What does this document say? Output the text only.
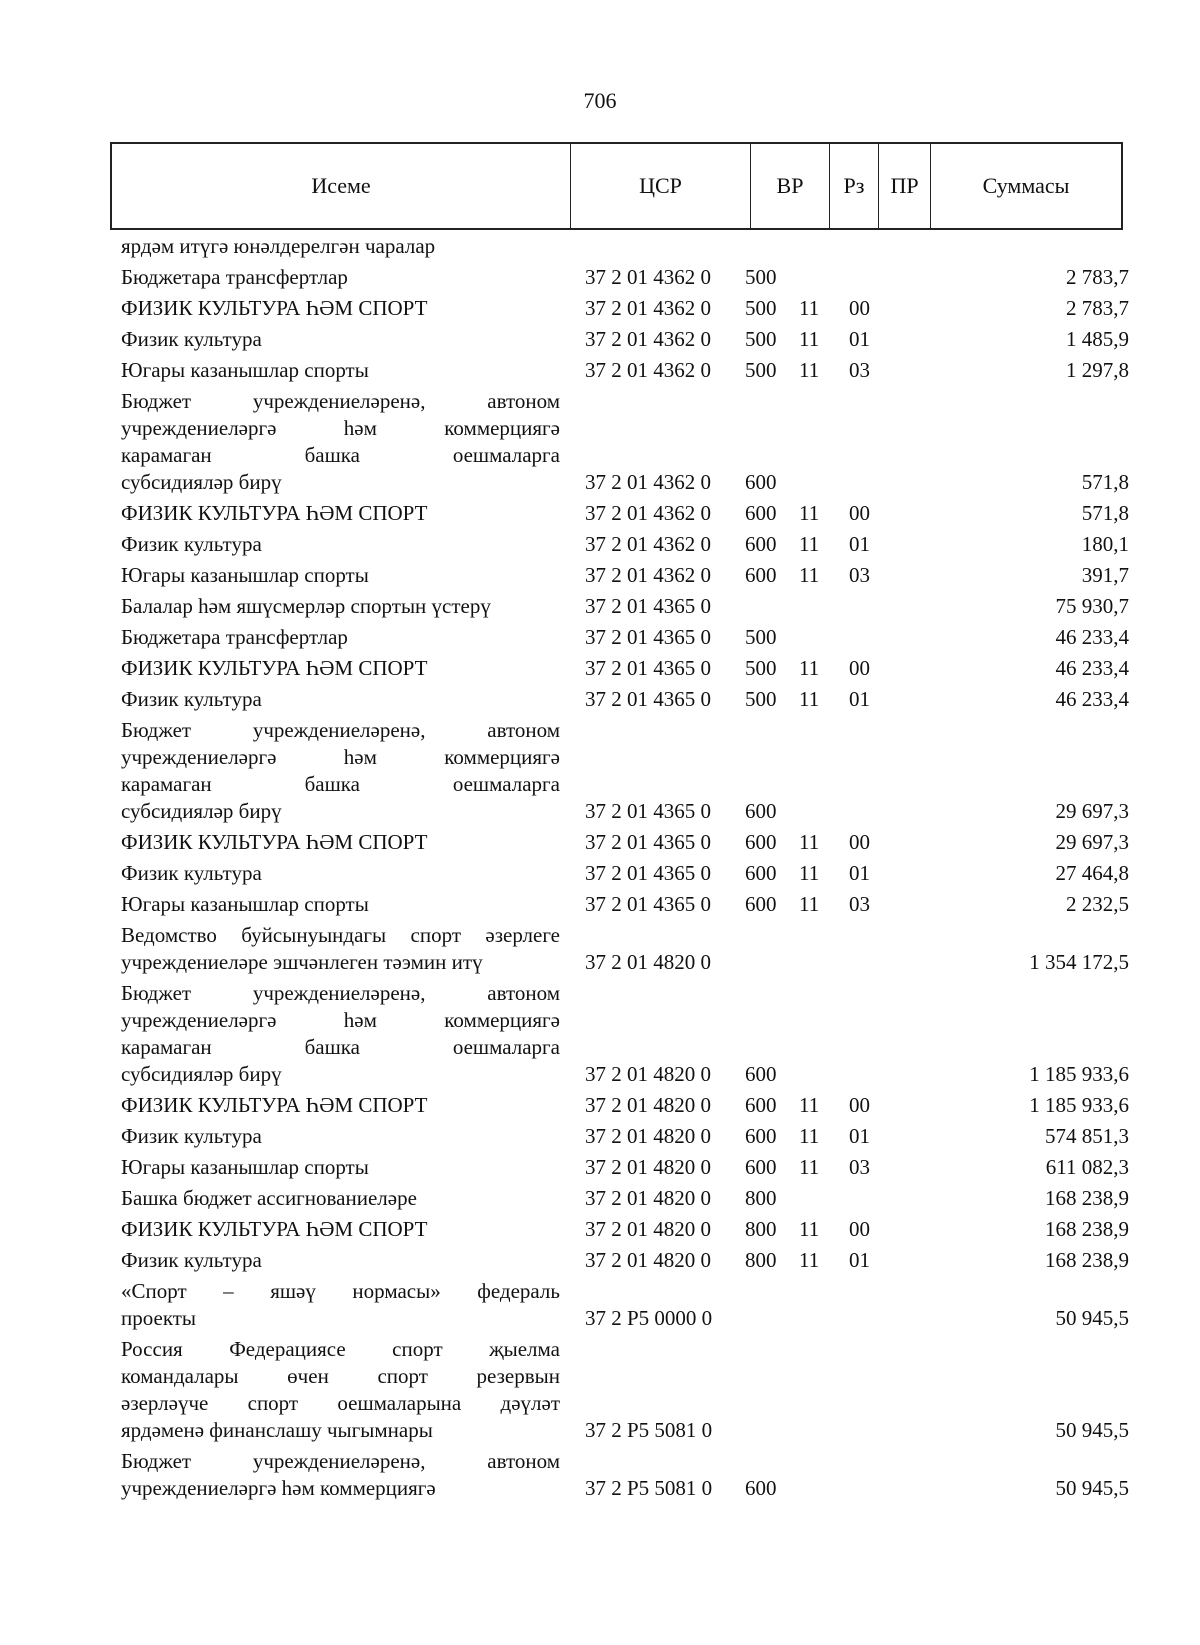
706
Исеме	ЦСР	ВР	Рз	ПР	Суммасы
ярдәм итүгә юнәлдерелгән чаралар
Бюджетара трансфертлар	37 2 01 4362 0	500	2 783,7
ФИЗИК КУЛЬТУРА ҺӘМ СПОРТ	37 2 01 4362 0	500	11	00	2 783,7
Физик культура	37 2 01 4362 0	500	11	01	1 485,9
Югары казанышлар спорты	37 2 01 4362 0	500	11	03	1 297,8
Бюджет учреждениеләренә, автоном
учреждениеләргә һәм коммерциягә
карамаган башка оешмаларга
субсидияләр бирү	37 2 01 4362 0	600	571,8
ФИЗИК КУЛЬТУРА ҺӘМ СПОРТ	37 2 01 4362 0	600	11	00	571,8
Физик культура	37 2 01 4362 0	600	11	01	180,1
Югары казанышлар спорты	37 2 01 4362 0	600	11	03	391,7
Балалар һәм яшүсмерләр спортын үстерү	37 2 01 4365 0	75 930,7
Бюджетара трансфертлар	37 2 01 4365 0	500	46 233,4
ФИЗИК КУЛЬТУРА ҺӘМ СПОРТ	37 2 01 4365 0	500	11	00	46 233,4
Физик культура	37 2 01 4365 0	500	11	01	46 233,4
Бюджет учреждениеләренә, автоном
учреждениеләргә һәм коммерциягә
карамаган башка оешмаларга
субсидияләр бирү	37 2 01 4365 0	600	29 697,3
ФИЗИК КУЛЬТУРА ҺӘМ СПОРТ	37 2 01 4365 0	600	11	00	29 697,3
Физик культура	37 2 01 4365 0	600	11	01	27 464,8
Югары казанышлар спорты	37 2 01 4365 0	600	11	03	2 232,5
Ведомство буйсынуындагы спорт әзерлеге
учреждениеләре эшчәнлеген тәэмин итү	37 2 01 4820 0	1 354 172,5
Бюджет учреждениеләренә, автоном
учреждениеләргә һәм коммерциягә
карамаган башка оешмаларга
субсидияләр бирү	37 2 01 4820 0	600	1 185 933,6
ФИЗИК КУЛЬТУРА ҺӘМ СПОРТ	37 2 01 4820 0	600	11	00	1 185 933,6
Физик культура	37 2 01 4820 0	600	11	01	574 851,3
Югары казанышлар спорты	37 2 01 4820 0	600	11	03	611 082,3
Башка бюджет ассигнованиеләре	37 2 01 4820 0	800	168 238,9
ФИЗИК КУЛЬТУРА ҺӘМ СПОРТ	37 2 01 4820 0	800	11	00	168 238,9
Физик культура	37 2 01 4820 0	800	11	01	168 238,9
«Спорт – яшәү нормасы» федераль
проекты	37 2 P5 0000 0	50 945,5
Россия Федерациясе спорт җыелма
командалары өчен спорт резервын
әзерләүче спорт оешмаларына дәүләт
ярдәменә финанслашу чыгымнары	37 2 P5 5081 0	50 945,5
Бюджет учреждениеләренә, автоном
учреждениеләргә һәм коммерциягә	37 2 P5 5081 0	600	50 945,5
